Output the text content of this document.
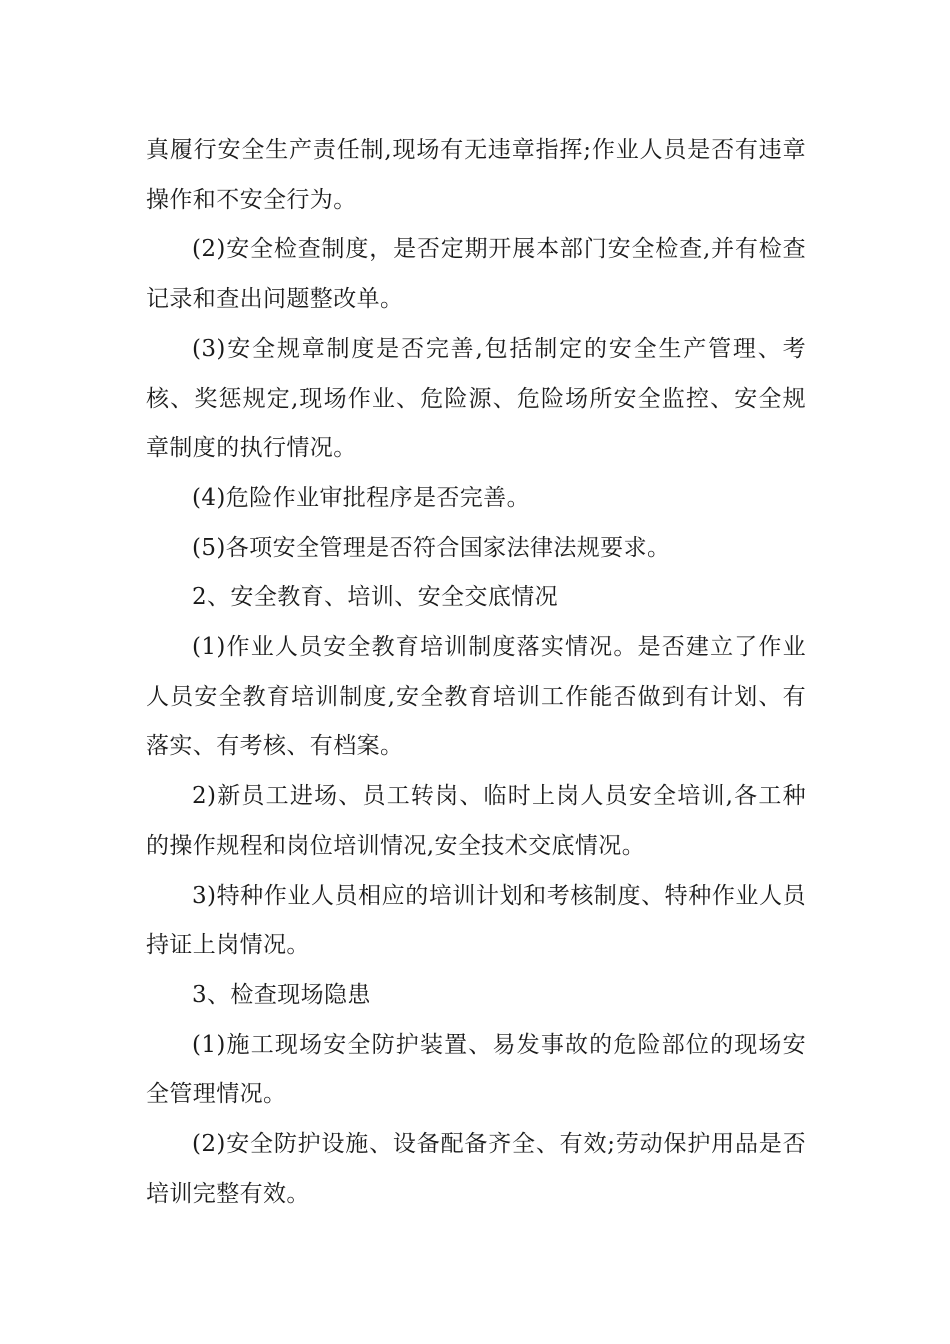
真履行安全生产责任制,现场有无违章指挥;作业人员是否有违章操作和不安全行为。

(2)安全检查制度，是否定期开展本部门安全检查,并有检查记录和查出问题整改单。

(3)安全规章制度是否完善,包括制定的安全生产管理、考核、奖惩规定,现场作业、危险源、危险场所安全监控、安全规章制度的执行情况。

(4)危险作业审批程序是否完善。

(5)各项安全管理是否符合国家法律法规要求。

2、安全教育、培训、安全交底情况

(1)作业人员安全教育培训制度落实情况。是否建立了作业人员安全教育培训制度,安全教育培训工作能否做到有计划、有落实、有考核、有档案。

2)新员工进场、员工转岗、临时上岗人员安全培训,各工种的操作规程和岗位培训情况,安全技术交底情况。

3)特种作业人员相应的培训计划和考核制度、特种作业人员持证上岗情况。

3、检查现场隐患

(1)施工现场安全防护装置、易发事故的危险部位的现场安全管理情况。

(2)安全防护设施、设备配备齐全、有效;劳动保护用品是否培训完整有效。
